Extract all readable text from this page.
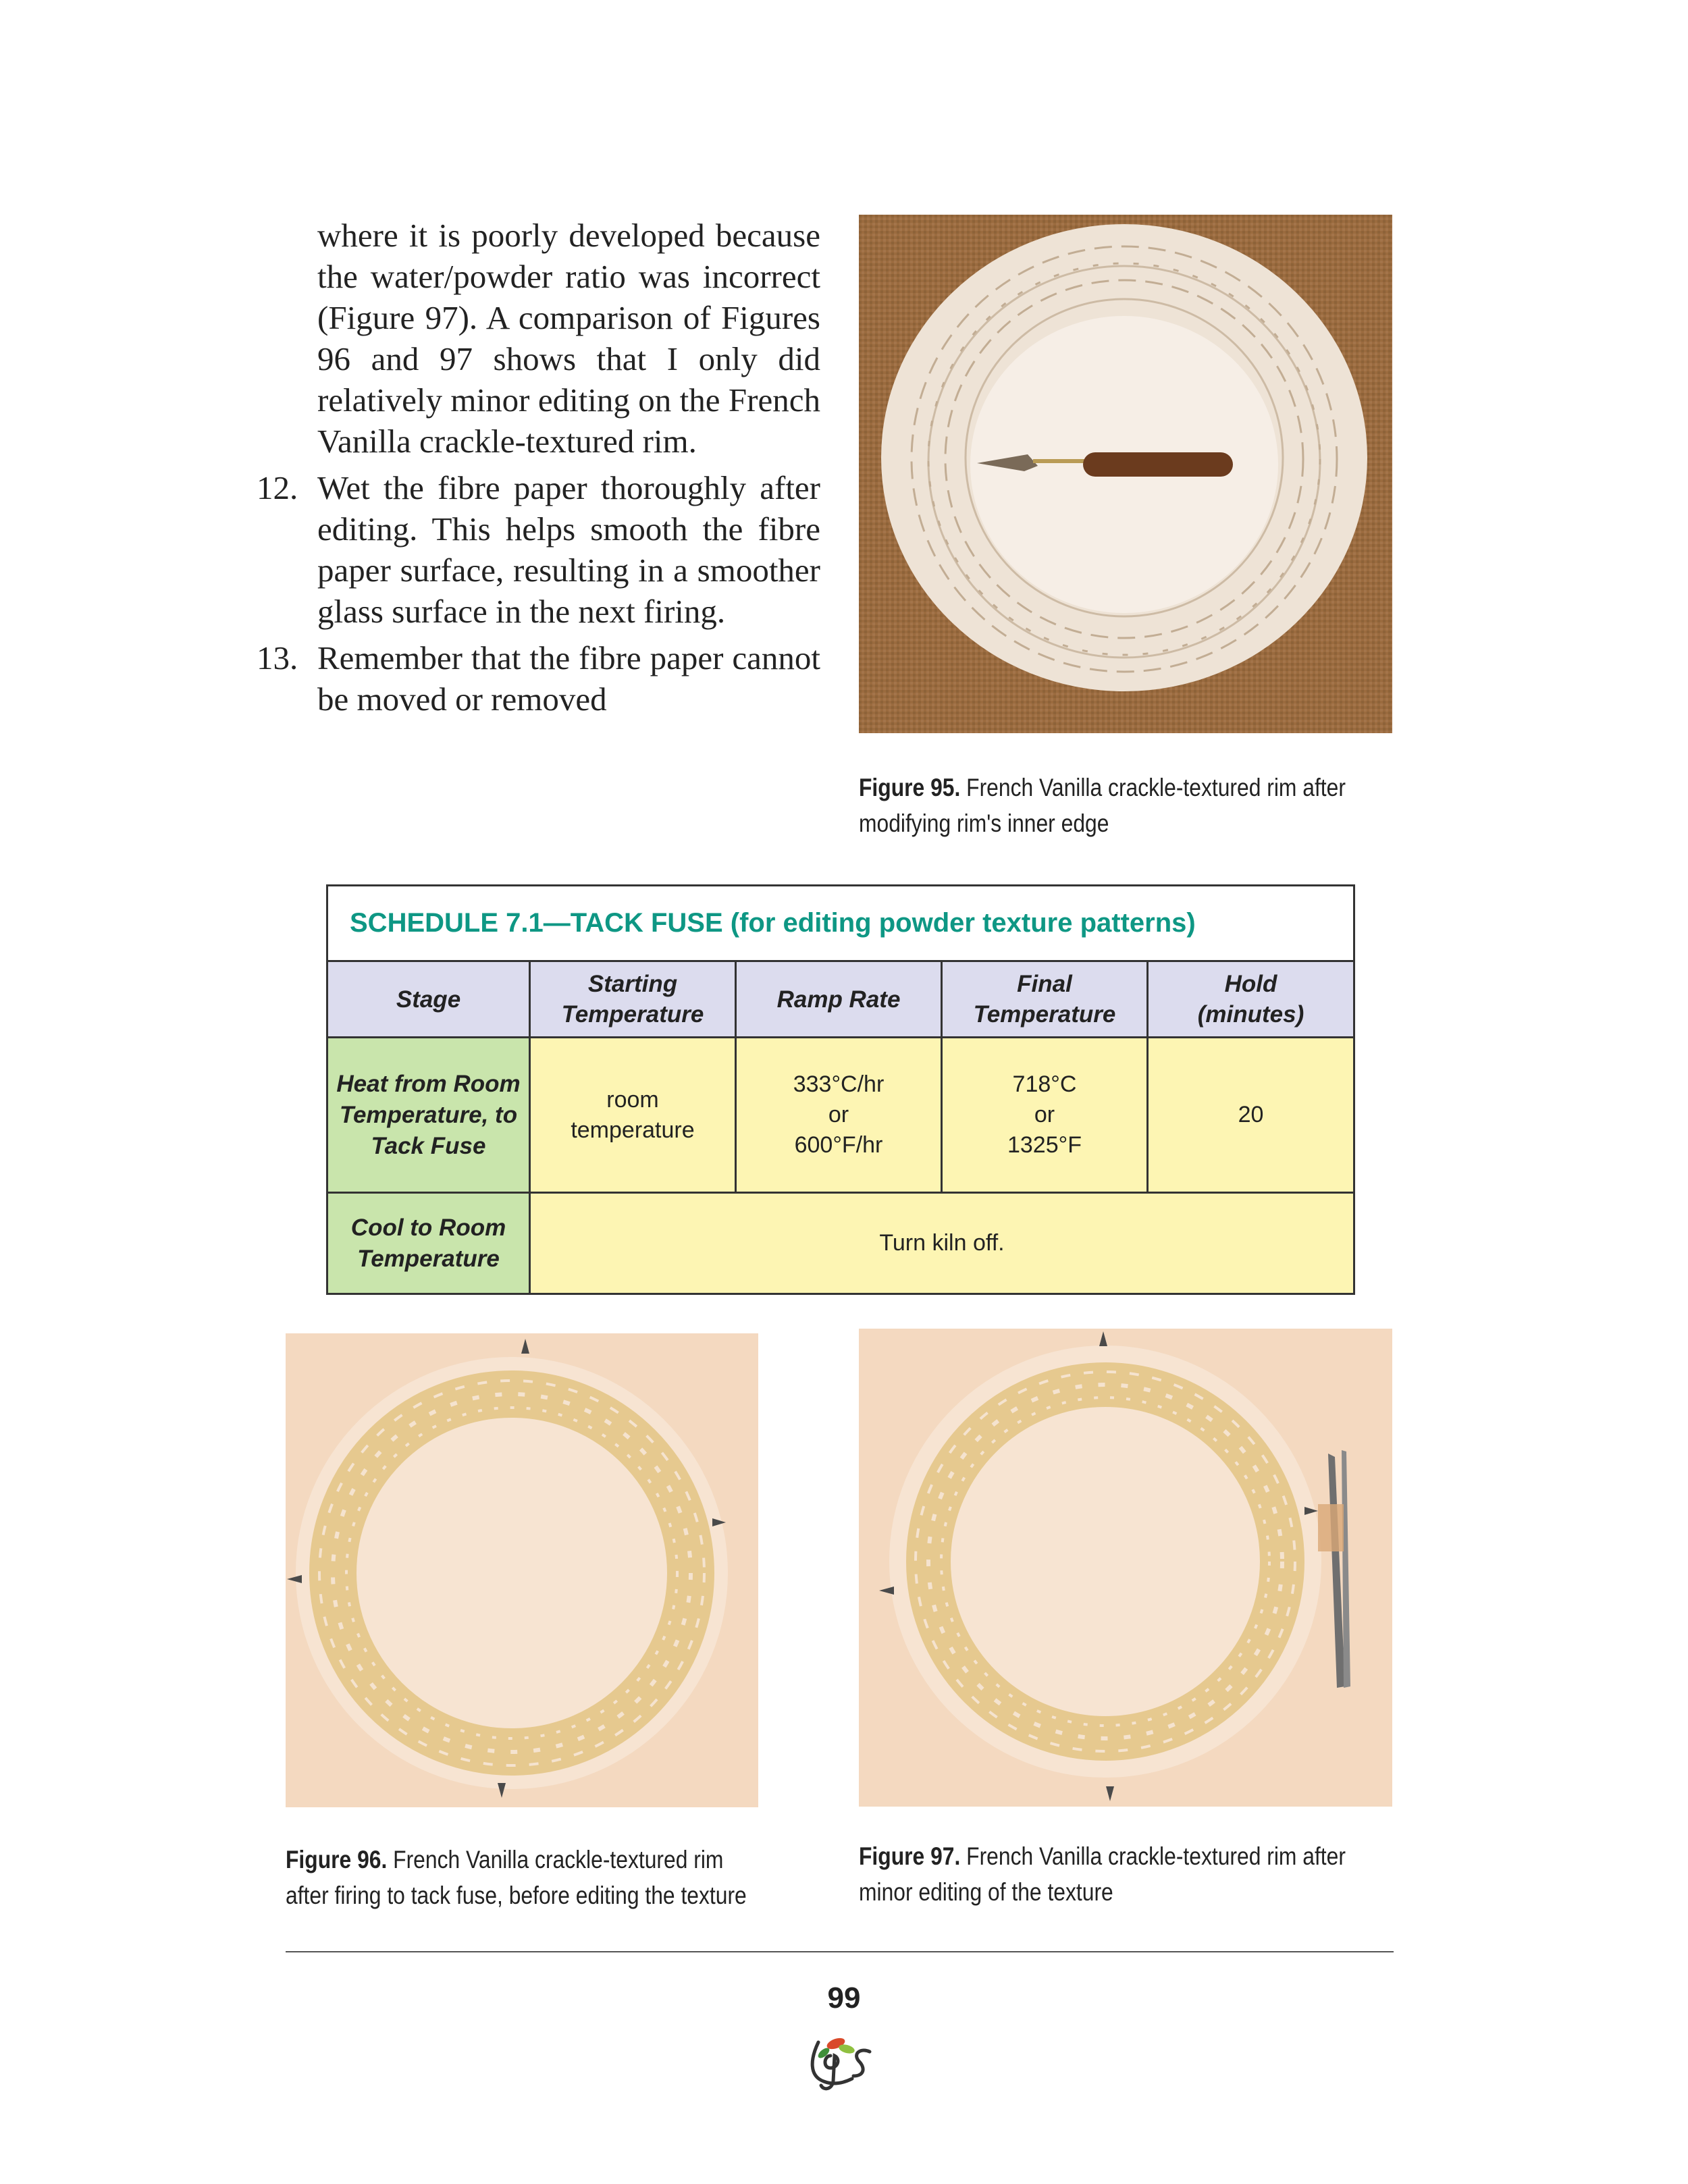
where it is poorly developed because the water/powder ratio was incorrect (Figure 97). A comparison of Figures 96 and 97 shows that I only did relatively minor editing on the French Vanilla crackle-textured rim.

12. Wet the fibre paper thoroughly after editing. This helps smooth the fibre paper surface, resulting in a smoother glass surface in the next firing.

13. Remember that the fibre paper cannot be moved or removed

Figure 95. French Vanilla crackle-textured rim after
modifying rim's inner edge
SCHEDULE 7.1—TACK FUSE (for editing powder texture patterns)
Stage
Starting
Temperature
Ramp Rate
Final
Temperature
Hold
(minutes)
Heat from Room
Temperature, to
Tack Fuse
room
temperature
333°C/hr
or
600°F/hr
718°C
or
1325°F
20
Cool to Room
Temperature
Turn kiln off.
Figure 96. French Vanilla crackle-textured rim
after firing to tack fuse, before editing the texture
Figure 97. French Vanilla crackle-textured rim after
minor editing of the texture
99
